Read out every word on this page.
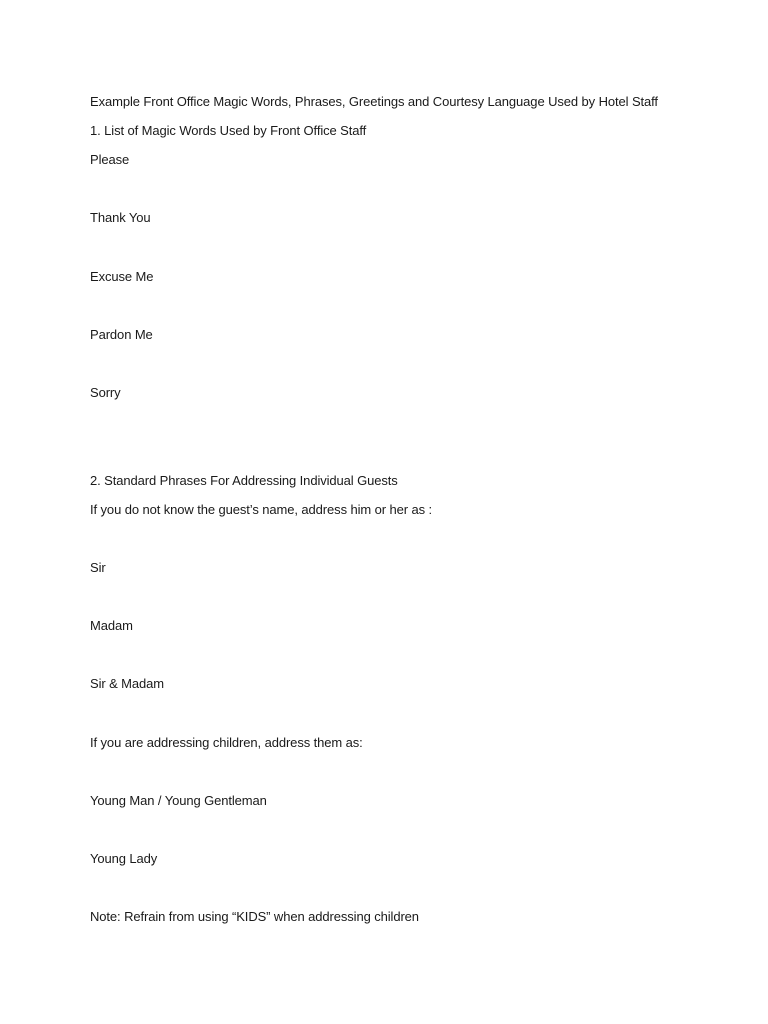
Example Front Office Magic Words, Phrases, Greetings and Courtesy Language Used by Hotel Staff
1. List of Magic Words Used by Front Office Staff
Please
Thank You
Excuse Me
Pardon Me
Sorry
2. Standard Phrases For Addressing Individual Guests
If you do not know the guest’s name, address him or her as :
Sir
Madam
Sir & Madam
If you are addressing children, address them as:
Young Man / Young Gentleman
Young Lady
Note: Refrain from using “KIDS” when addressing children
